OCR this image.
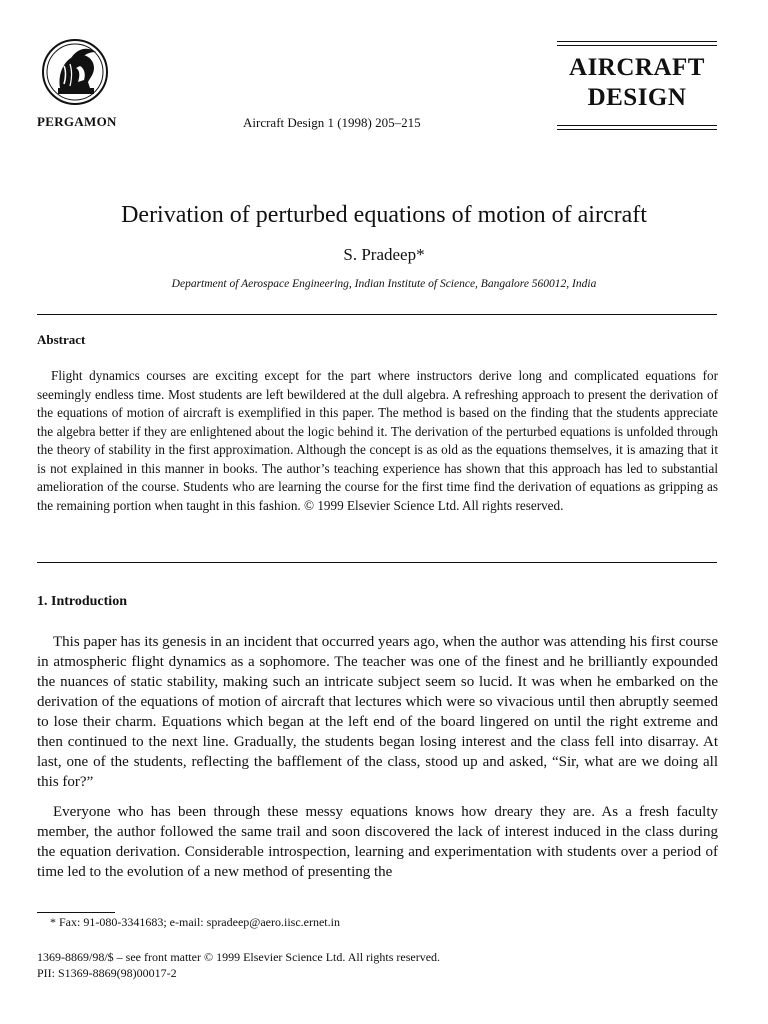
PERGAMON	Aircraft Design 1 (1998) 205–215
AIRCRAFT
DESIGN
Derivation of perturbed equations of motion of aircraft
S. Pradeep*
Department of Aerospace Engineering, Indian Institute of Science, Bangalore 560012, India
Abstract

Flight dynamics courses are exciting except for the part where instructors derive long and complicated equations for seemingly endless time. Most students are left bewildered at the dull algebra. A refreshing approach to present the derivation of the equations of motion of aircraft is exemplified in this paper. The method is based on the finding that the students appreciate the algebra better if they are enlightened about the logic behind it. The derivation of the perturbed equations is unfolded through the theory of stability in the first approximation. Although the concept is as old as the equations themselves, it is amazing that it is not explained in this manner in books. The author’s teaching experience has shown that this approach has led to substantial amelioration of the course. Students who are learning the course for the first time find the derivation of equations as gripping as the remaining portion when taught in this fashion. © 1999 Elsevier Science Ltd. All rights reserved.

1. Introduction

This paper has its genesis in an incident that occurred years ago, when the author was attending his first course in atmospheric flight dynamics as a sophomore. The teacher was one of the finest and he brilliantly expounded the nuances of static stability, making such an intricate subject seem so lucid. It was when he embarked on the derivation of the equations of motion of aircraft that lectures which were so vivacious until then abruptly seemed to lose their charm. Equations which began at the left end of the board lingered on until the right extreme and then continued to the next line. Gradually, the students began losing interest and the class fell into disarray. At last, one of the students, reflecting the bafflement of the class, stood up and asked, “Sir, what are we doing all this for?”

Everyone who has been through these messy equations knows how dreary they are. As a fresh faculty member, the author followed the same trail and soon discovered the lack of interest induced in the class during the equation derivation. Considerable introspection, learning and experimentation with students over a period of time led to the evolution of a new method of presenting the

* Fax: 91-080-3341683; e-mail: spradeep@aero.iisc.ernet.in
1369-8869/98/$ – see front matter © 1999 Elsevier Science Ltd. All rights reserved.
PII: S1369-8869(98)00017-2
